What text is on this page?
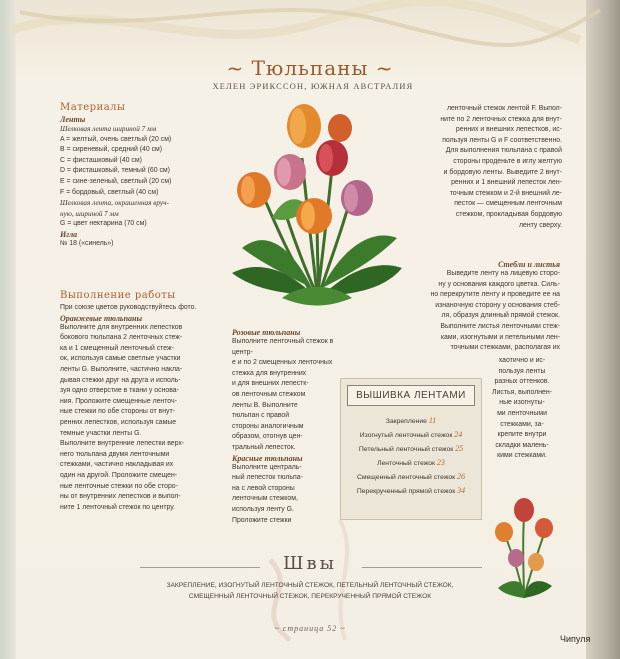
~ Тюльпаны ~
ХЕЛЕН ЭРИКССОН, ЮЖНАЯ АВСТРАЛИЯ
Материалы
Ленты
Шелковая лента шириной 7 мм
A = желтый, очень светлый (20 см)
B = сиреневый, средний (40 см)
C = фисташковый (40 см)
D = фисташковый, темный (60 см)
E = сине-зеленый, светлый (20 см)
F = бордовый, светлый (40 см)
Шелковая лента, окрашенная вруч-
ную, шириной 7 мм
G = цвет нектарина (70 см)
Игла
№ 18 («синель»)
Выполнение работы
При союзе цветов руководствуйтесь фото.
Оранжевые тюльпаны
Выполните для внутренних лепестков
бокового тюльпана 2 ленточных стеж-
ка и 1 смещенный ленточный стеж-
ок, используя самые светлые участки
ленты G. Выполните, частично накла-
дывая стежки друг на друга и исполь-
зуя одно отверстие в ткани у основа-
ния. Проложите смещенные ленточ-
ные стежки по обе стороны от внут-
ренних лепестков, используя самые
темные участки ленты G.
Выполните внутренние лепестки верх-
него тюльпана двумя ленточными
стежками, частично накладывая их
один на другой. Проложите смещен-
ные ленточные стежки по обе сторо-
ны от внутренних лепестков и выпол-
ните 1 ленточный стежок по центру.
Розовые тюльпаны
Выполните ленточный стежок в центр-
е и по 2 смещенных ленточных
стежка для внутренних
и для внешних лепестк-
ов ленточным стежком
ленты B. Выполните
тюльпан с правой
стороны аналогичным
образом, отогнув цен-
тральный лепесток.
Красные тюльпаны
Выполните централь-
ный лепесток тюльпа-
на с левой стороны
ленточным стежком,
используя ленту G.
Проложите стежки
ленточный стежок лентой F. Выпол-
ните по 2 ленточных стежка для внут-
ренних и внешних лепестков, ис-
пользуя ленты G и F соответственно.
Для выполнения тюльпана с правой
стороны проденьте в иглу желтую
и бордовую ленты. Выведите 2 внут-
ренних и 1 внешний лепесток лен-
точным стежком и 2-й внешний ле-
песток — смещенным ленточным
стежком, прокладывая бордовую
ленту сверху.
Стебли и листья
Выведите ленту на лицевую сторо-
ну у основания каждого цветка. Силь-
но перекрутите ленту и проведите ее на
изнаночную сторону у основания стеб-
ля, образуя длинный прямой стежок.
Выполните листья ленточными стеж-
ками, изогнутыми и петельными лен-
точными стежками, располагая их
хаотично и ис-
пользуя ленты
разных оттенков.
Листья, выполнен-
ные изогнуты-
ми ленточными
стежками, за-
крепите внутри
складки малень-
кими стежками.
ВЫШИВКА ЛЕНТАМИ
Закрепление 11
Изогнутый ленточный стежок 24
Петельный ленточный стежок 25
Ленточный стежок 23
Смещенный ленточный стежок 26
Перекрученный прямой стежок 34
Швы
ЗАКРЕПЛЕНИЕ, ИЗОГНУТЫЙ ЛЕНТОЧНЫЙ СТЕЖОК, ПЕТЕЛЬНЫЙ ЛЕНТОЧНЫЙ СТЕЖОК,
СМЕЩЕННЫЙ ЛЕНТОЧНЫЙ СТЕЖОК, ПЕРЕКРУЧЕННЫЙ ПРЯМОЙ СТЕЖОК
~ страница 52 ~
Чипуля
